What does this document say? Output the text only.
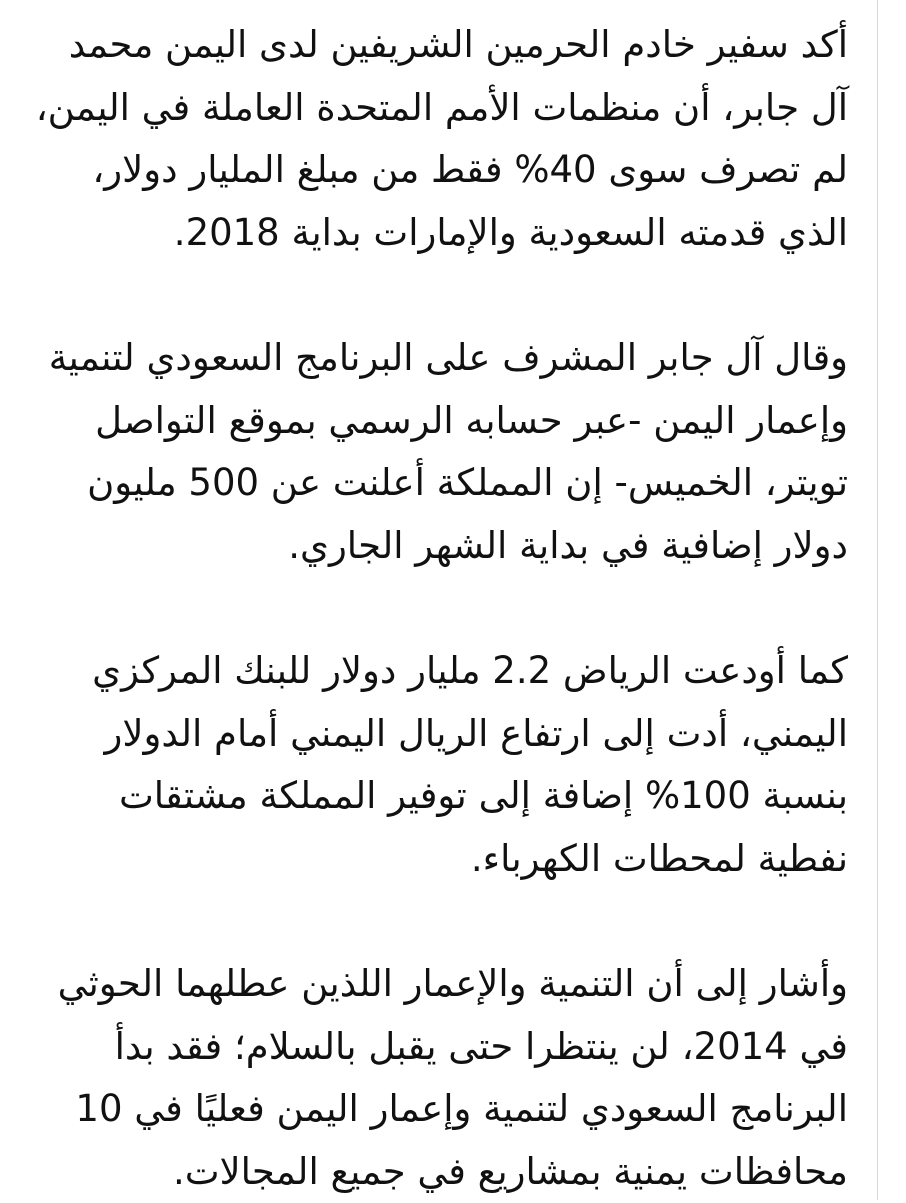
أكد سفير خادم الحرمين الشريفين لدى اليمن محمد
آل جابر، أن منظمات الأمم المتحدة العاملة في اليمن،
لم تصرف سوى 40% فقط من مبلغ المليار دولار،
الذي قدمته السعودية والإمارات بداية 2018.

وقال آل جابر المشرف على البرنامج السعودي لتنمية
وإعمار اليمن -عبر حسابه الرسمي بموقع التواصل
تويتر، الخميس- إن المملكة أعلنت عن 500 مليون
دولار إضافية في بداية الشهر الجاري.

كما أودعت الرياض 2.2 مليار دولار للبنك المركزي
اليمني، أدت إلى ارتفاع الريال اليمني أمام الدولار
بنسبة 100% إضافة إلى توفير المملكة مشتقات
نفطية لمحطات الكهرباء.

وأشار إلى أن التنمية والإعمار اللذين عطلهما الحوثي
في 2014، لن ينتظرا حتى يقبل بالسلام؛ فقد بدأ
البرنامج السعودي لتنمية وإعمار اليمن فعليًا في 10
محافظات يمنية بمشاريع في جميع المجالات.
